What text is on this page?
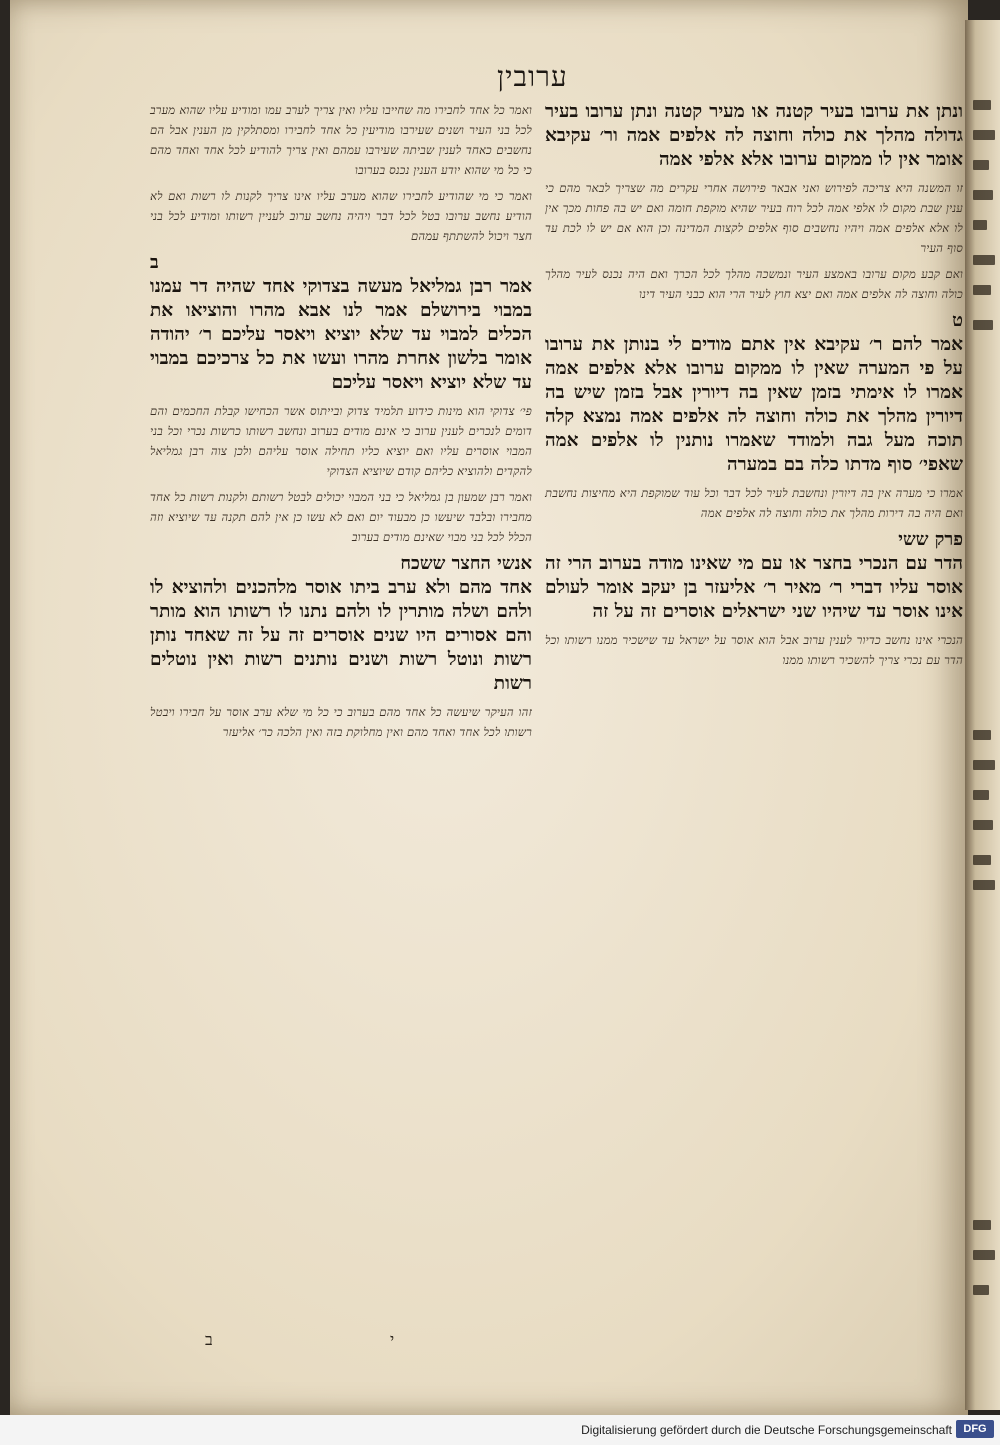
ערובין

ונתן את ערובו בעיר קטנה או מעיר קטנה ונתן ערובו בעיר גדולה מהלך את כולה וחוצה לה אלפים אמה ור׳ עקיבא אומר אין לו ממקום ערובו אלא אלפי אמה

זו המשנה היא צריכה לפירוש ואני אבאר פירושה אחרי עקרים מה שצריך לבאר מהם כי ענין שבת מקום לו אלפי אמה לכל רוח בעיר שהיא מוקפת חומה ואם יש בה פחות מכך אין לו אלא אלפים אמה ויהיו נחשבים סוף אלפים לקצות המדינה וכן הוא אם יש לו לכת עד סוף העיר

ואם קבע מקום ערובו באמצע העיר ונמשכה מהלך לכל הכרך ואם היה נכנס לעיר מהלך כולה וחוצה לה אלפים אמה ואם יצא חוץ לעיר הרי הוא כבני העיר דינו

ט

אמר להם ר׳ עקיבא אין אתם מודים לי בנותן את ערובו על פי המערה שאין לו ממקום ערובו אלא אלפים אמה אמרו לו אימתי בזמן שאין בה דיורין אבל בזמן שיש בה דיורין מהלך את כולה וחוצה לה אלפים אמה נמצא קלה תוכה מעל גבה ולמודד שאמרו נותנין לו אלפים אמה שאפי׳ סוף מדתו כלה בם במערה

אמרו כי מערה אין בה דיורין ונחשבת לעיר לכל דבר וכל עוד שמוקפת היא מחיצות נחשבת ואם היה בה דירות מהלך את כולה וחוצה לה אלפים אמה

פרק ששי

הדר עם הנכרי בחצר או עם מי שאינו מודה בערוב הרי זה אוסר עליו דברי ר׳ מאיר ר׳ אליעזר בן יעקב אומר לעולם אינו אוסר עד שיהיו שני ישראלים אוסרים זה על זה

הנכרי אינו נחשב כדיור לענין ערוב אבל הוא אוסר על ישראל עד שישכיר ממנו רשותו וכל הדר עם נכרי צריך להשכיר רשותו ממנו

ואמר כל אחד לחבירו מה שחייבו עליו ואין צריך לערב עמו ומודיע עליו שהוא מערב לכל בני העיר ושנים שעירבו מודיעין כל אחד לחבירו ומסתלקין מן הענין אבל הם נחשבים כאחד לענין שביתה שעירבו עמהם ואין צריך להודיע לכל אחד ואחד מהם כי כל מי שהוא יודע הענין נכנס בערובו

ואמר כי מי שהודיע לחבירו שהוא מערב עליו אינו צריך לקנות לו רשות ואם לא הודיע נחשב ערובו בטל לכל דבר ויהיה נחשב ערוב לעניין רשותו ומודיע לכל בני חצר ויכול להשתתף עמהם

ב

אמר רבן גמליאל מעשה בצדוקי אחד שהיה דר עמנו במבוי בירושלם אמר לנו אבא מהרו והוציאו את הכלים למבוי עד שלא יוציא ויאסר עליכם ר׳ יהודה אומר בלשון אחרת מהרו ועשו את כל צרכיכם במבוי עד שלא יוציא ויאסר עליכם

פי׳ צדוקי הוא מינות כידוע תלמיד צדוק ובייתוס אשר הכחישו קבלת החכמים והם דומים לנכרים לענין ערוב כי אינם מודים בערוב ונחשב רשותו כרשות נכרי וכל בני המבוי אוסרים עליו ואם יוציא כליו תחילה אוסר עליהם ולכן צוה רבן גמליאל להקדים ולהוציא כליהם קודם שיוציא הצדוקי

ואמר רבן שמעון בן גמליאל כי בני המבוי יכולים לבטל רשותם ולקנות רשות כל אחד מחבירו ובלבד שיעשו כן מבעוד יום ואם לא עשו כן אין להם תקנה עד שיוציא וזה הכלל לכל בני מבוי שאינם מודים בערוב

אנשי החצר ששכח

אחד מהם ולא ערב ביתו אוסר מלהכנים ולהוציא לו ולהם ושלה מותרין לו ולהם נתנו לו רשותו הוא מותר והם אסורים היו שנים אוסרים זה על זה שאחד נותן רשות ונוטל רשות ושנים נותנים רשות ואין נוטלים רשות

זהו העיקר שיעשה כל אחד מהם בערוב כי כל מי שלא ערב אוסר על חבירו ויבטל רשותו לכל אחד ואחד מהם ואין מחלוקת בזה ואין הלכה כר׳ אליעזר

ב	י
Digitalisierung gefördert durch die Deutsche Forschungsgemeinschaft	DFG
